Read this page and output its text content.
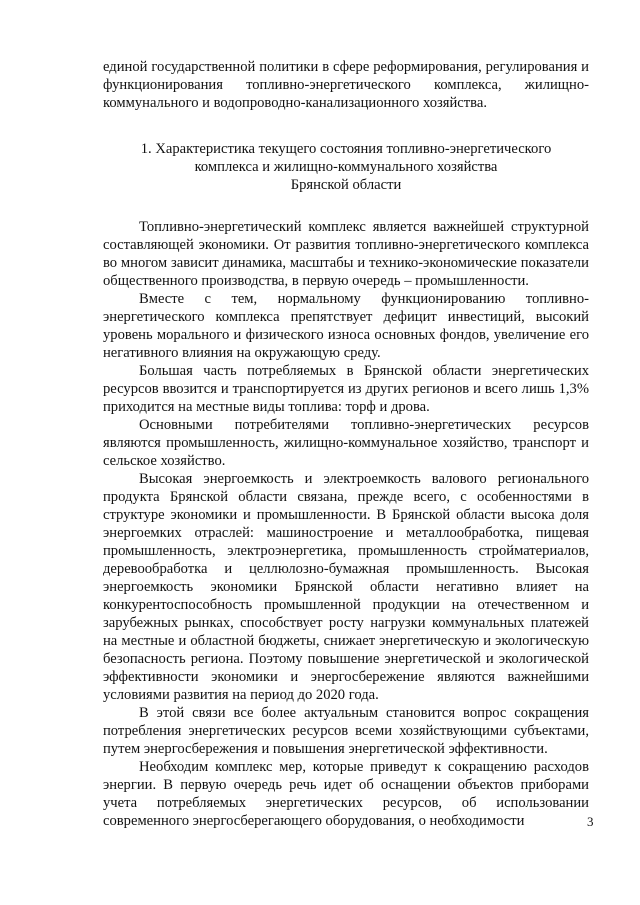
единой государственной политики в сфере реформирования, регулирования и функционирования топливно-энергетического комплекса, жилищно-коммунального и водопроводно-канализационного хозяйства.

1. Характеристика текущего состояния топливно-энергетического
комплекса и жилищно-коммунального хозяйства
Брянской области

Топливно-энергетический комплекс является важнейшей структурной составляющей экономики. От развития топливно-энергетического комплекса во многом зависит динамика, масштабы и технико-экономические показатели общественного производства, в первую очередь – промышленности.

Вместе с тем, нормальному функционированию топливно-энергетического комплекса препятствует дефицит инвестиций, высокий уровень морального и физического износа основных фондов, увеличение его негативного влияния на окружающую среду.

Большая часть потребляемых в Брянской области энергетических ресурсов ввозится и транспортируется из других регионов и всего лишь 1,3% приходится на местные виды топлива: торф и дрова.

Основными потребителями топливно-энергетических ресурсов являются промышленность, жилищно-коммунальное хозяйство, транспорт и сельское хозяйство.

Высокая энергоемкость и электроемкость валового регионального продукта Брянской области связана, прежде всего, с особенностями в структуре экономики и промышленности. В Брянской области высока доля энергоемких отраслей: машиностроение и металлообработка, пищевая промышленность, электроэнергетика, промышленность стройматериалов, деревообработка и целлюлозно-бумажная промышленность. Высокая энергоемкость экономики Брянской области негативно влияет на конкурентоспособность промышленной продукции на отечественном и зарубежных рынках, способствует росту нагрузки коммунальных платежей на местные и областной бюджеты, снижает энергетическую и экологическую безопасность региона. Поэтому повышение энергетической и экологической эффективности экономики и энергосбережение являются важнейшими условиями развития на период до 2020 года.

В этой связи все более актуальным становится вопрос сокращения потребления энергетических ресурсов всеми хозяйствующими субъектами, путем энергосбережения и повышения энергетической эффективности.

Необходим комплекс мер, которые приведут к сокращению расходов энергии. В первую очередь речь идет об оснащении объектов приборами учета потребляемых энергетических ресурсов, об использовании современного энергосберегающего оборудования, о необходимости	3
